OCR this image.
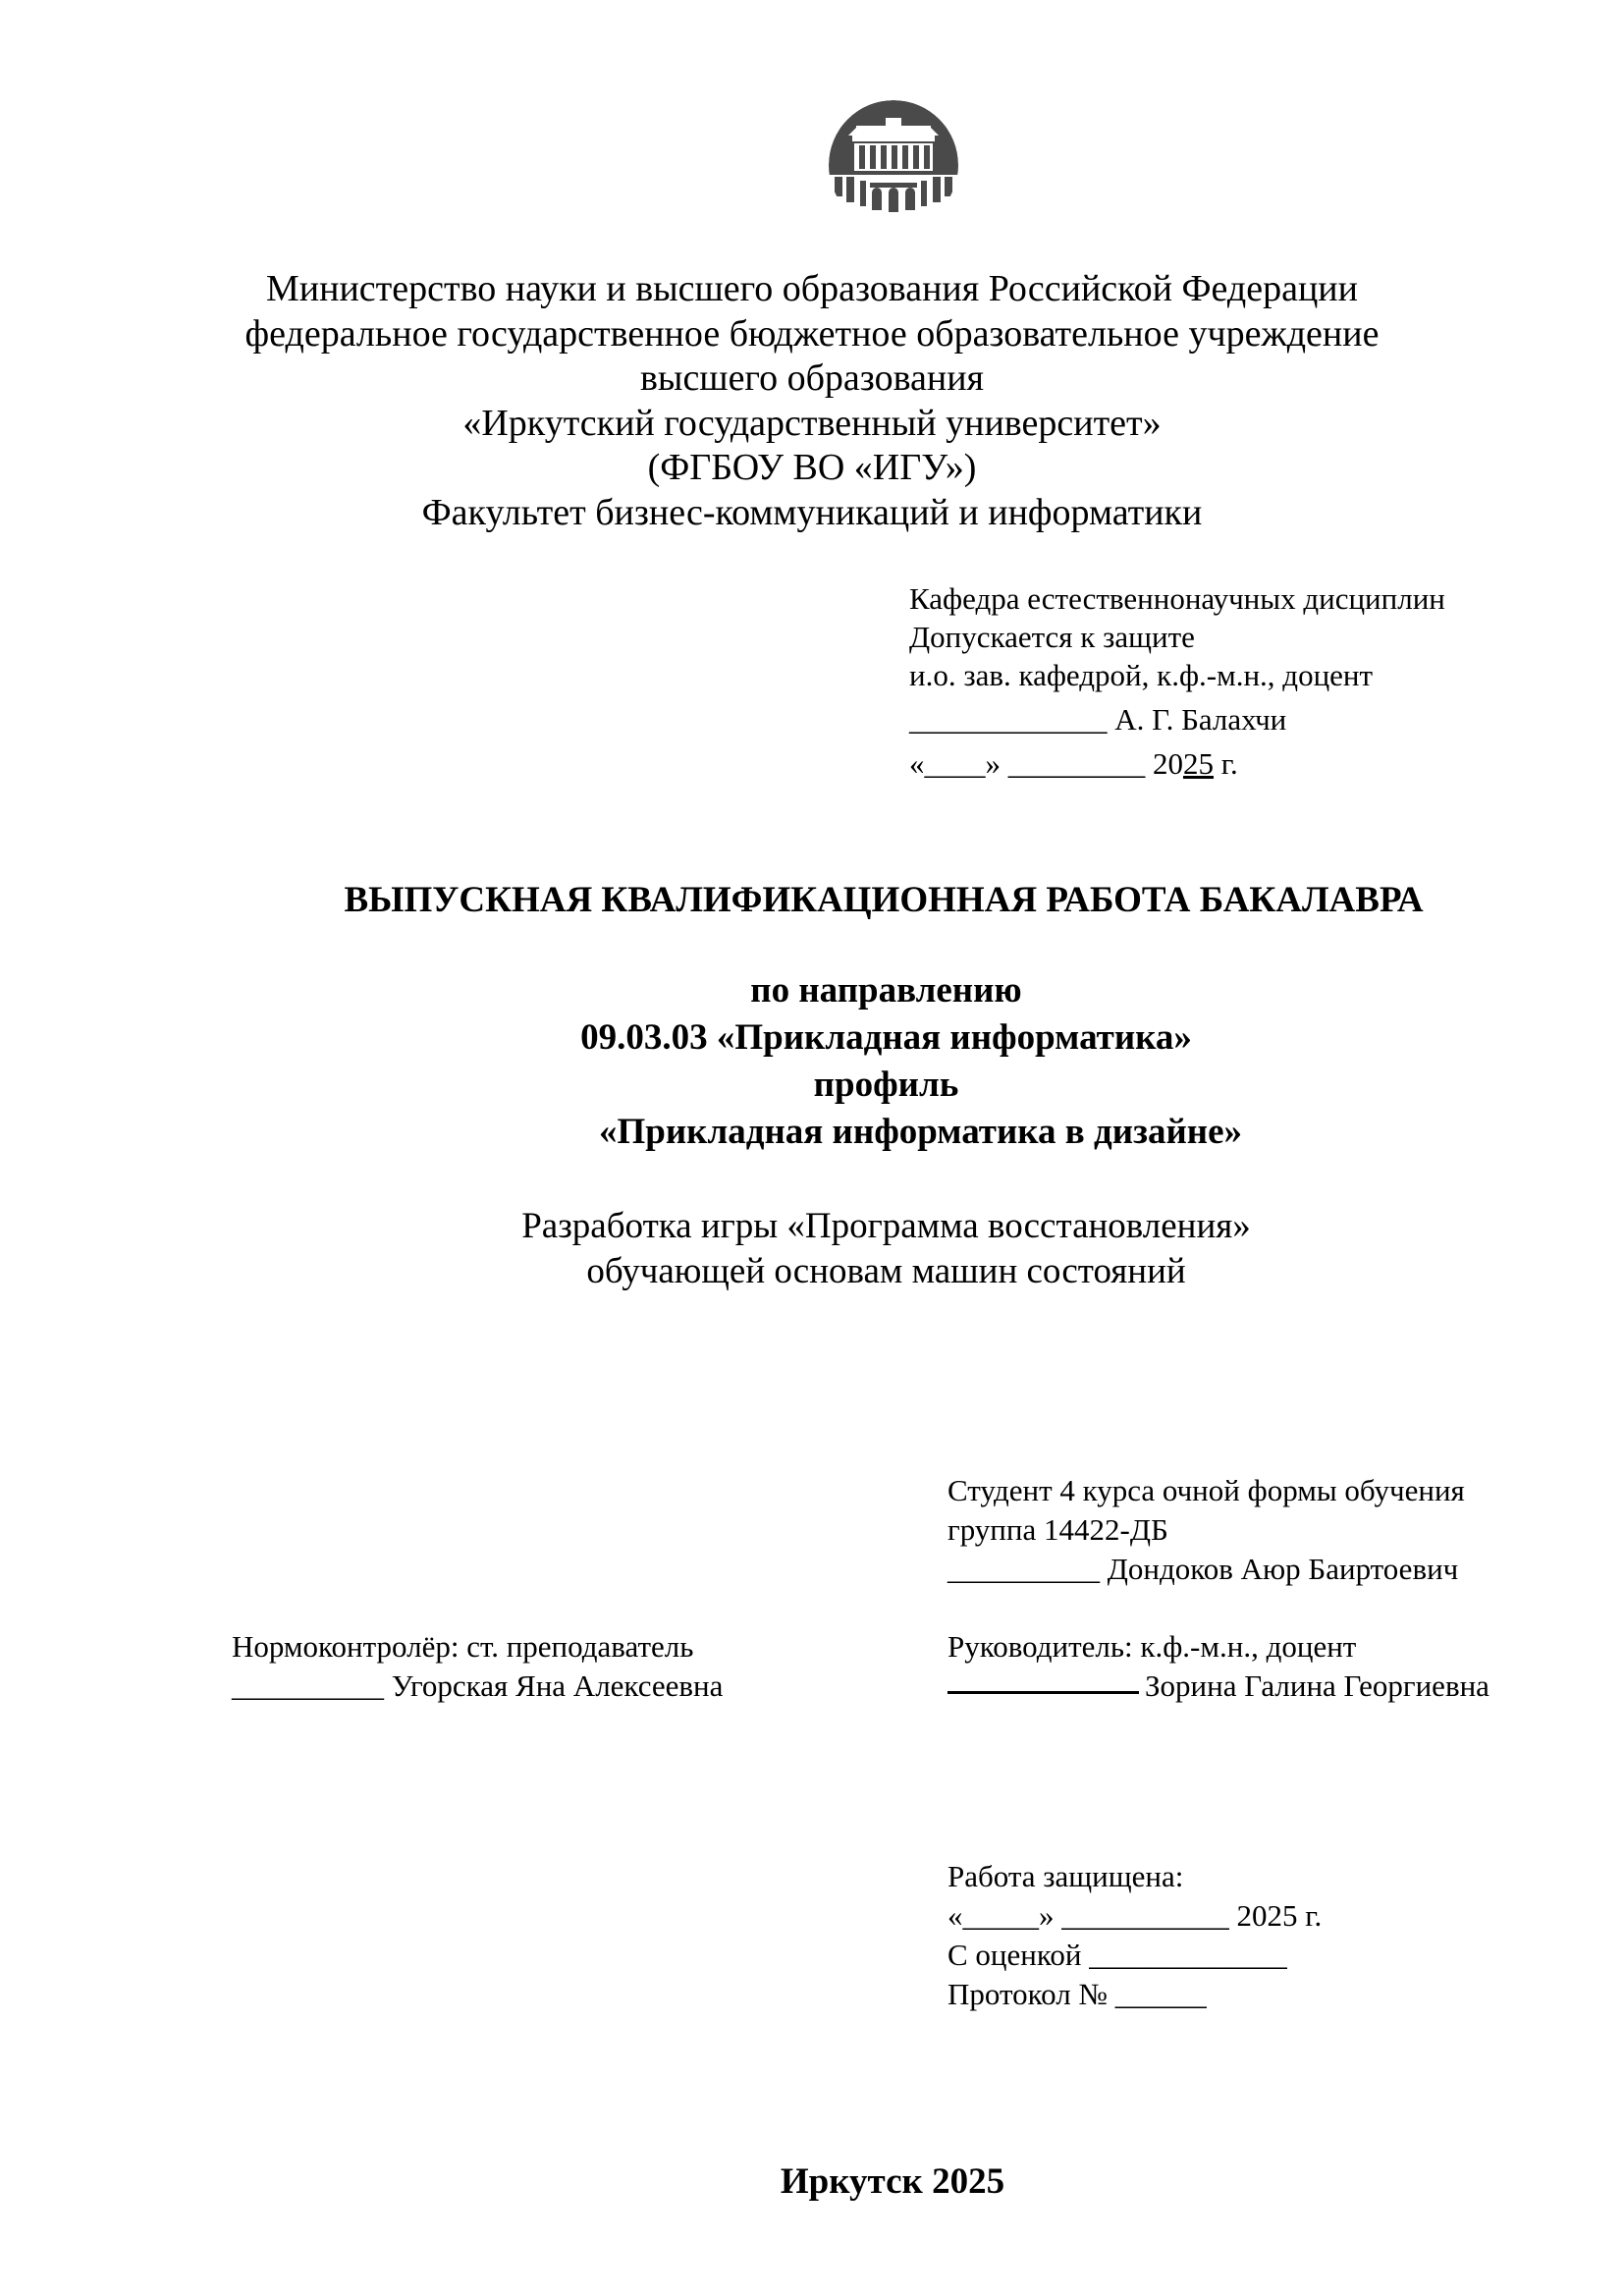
Министерство науки и высшего образования Российской Федерации
федеральное государственное бюджетное образовательное учреждение
высшего образования
«Иркутский государственный университет»
(ФГБОУ ВО «ИГУ»)
Факультет бизнес-коммуникаций и информатики
Кафедра естественнонаучных дисциплин
Допускается к защите
и.о. зав. кафедрой, к.ф.-м.н., доцент
_____________ А. Г. Балахчи
«____» _________ 2025 г.
ВЫПУСКНАЯ КВАЛИФИКАЦИОННАЯ РАБОТА БАКАЛАВРА
по направлению
09.03.03 «Прикладная информатика»
профиль
«Прикладная информатика в дизайне»
Разработка игры «Программа восстановления»
обучающей основам машин состояний
Студент 4 курса очной формы обучения
группа 14422-ДБ
__________ Дондоков Аюр Баиртоевич
Нормоконтролёр: ст. преподаватель
__________ Угорская Яна Алексеевна
Руководитель: к.ф.-м.н., доцент
Зорина Галина Георгиевна
Работа защищена:
«_____» ___________ 2025 г.
С оценкой _____________
Протокол № ______
Иркутск 2025
